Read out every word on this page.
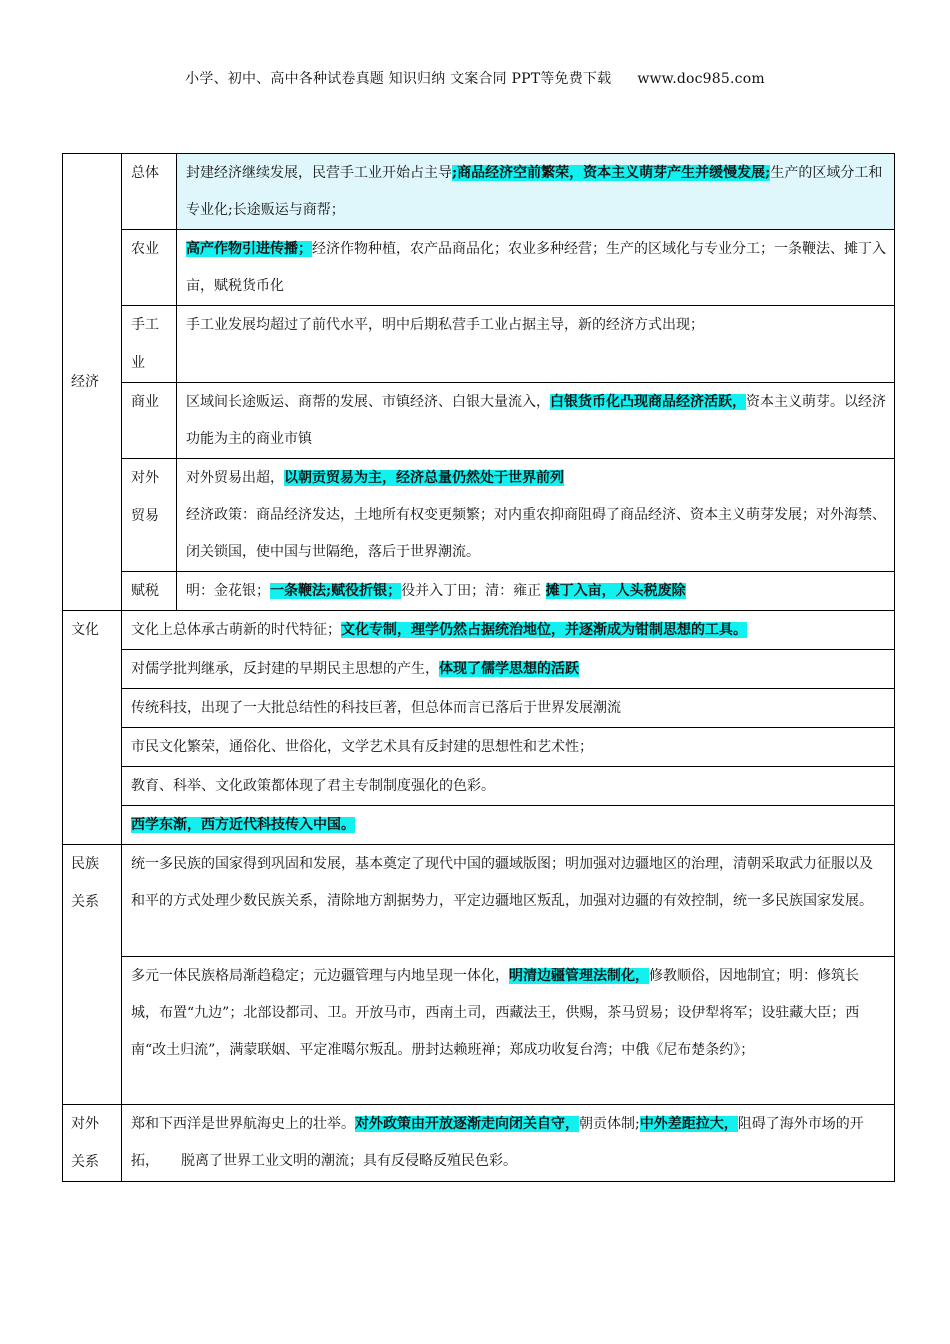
小学、初中、高中各种试卷真题 知识归纳 文案合同 PPT等免费下载 www.doc985.com
经济	总体	封建经济继续发展，民营手工业开始占主导;商品经济空前繁荣，资本主义萌芽产生并缓慢发展;生产的区域分工和专业化;长途贩运与商帮；
	农业	高产作物引进传播；经济作物种植，农产品商品化；农业多种经营；生产的区域化与专业分工；一条鞭法、摊丁入亩，赋税货币化
	手工业	手工业发展均超过了前代水平，明中后期私营手工业占据主导，新的经济方式出现；
	商业	区域间长途贩运、商帮的发展、市镇经济、白银大量流入，白银货币化凸现商品经济活跃，资本主义萌芽。以经济功能为主的商业市镇
	对外贸易	对外贸易出超，以朝贡贸易为主，经济总量仍然处于世界前列
经济政策：商品经济发达，土地所有权变更频繁；对内重农抑商阻碍了商品经济、资本主义萌芽发展；对外海禁、闭关锁国，使中国与世隔绝，落后于世界潮流。
	赋税	明：金花银；一条鞭法;赋役折银；役并入丁田；清：雍正 摊丁入亩，人头税废除
文化	文化上总体承古萌新的时代特征；文化专制，理学仍然占据统治地位，并逐渐成为钳制思想的工具。	
	对儒学批判继承，反封建的早期民主思想的产生，体现了儒学思想的活跃	
	传统科技，出现了一大批总结性的科技巨著，但总体而言已落后于世界发展潮流	
	市民文化繁荣，通俗化、世俗化，文学艺术具有反封建的思想性和艺术性；	
	教育、科举、文化政策都体现了君主专制制度强化的色彩。	
	西学东渐，西方近代科技传入中国。	
民族关系	统一多民族的国家得到巩固和发展，基本奠定了现代中国的疆域版图；明加强对边疆地区的治理，清朝采取武力征服以及和平的方式处理少数民族关系，清除地方割据势力，平定边疆地区叛乱，加强对边疆的有效控制，统一多民族国家发展。	
	多元一体民族格局渐趋稳定；元边疆管理与内地呈现一体化，明清边疆管理法制化，修教顺俗，因地制宜；明：修筑长城，布置“九边”；北部设都司、卫。开放马市，西南土司，西藏法王，供赐，茶马贸易；设伊犁将军；设驻藏大臣；西南“改土归流”，满蒙联姻、平定准噶尔叛乱。册封达赖班禅；郑成功收复台湾；中俄《尼布楚条约》；	
对外关系	郑和下西洋是世界航海史上的壮举。对外政策由开放逐渐走向闭关自守，朝贡体制;中外差距拉大，阻碍了海外市场的开拓， 脱离了世界工业文明的潮流；具有反侵略反殖民色彩。	
